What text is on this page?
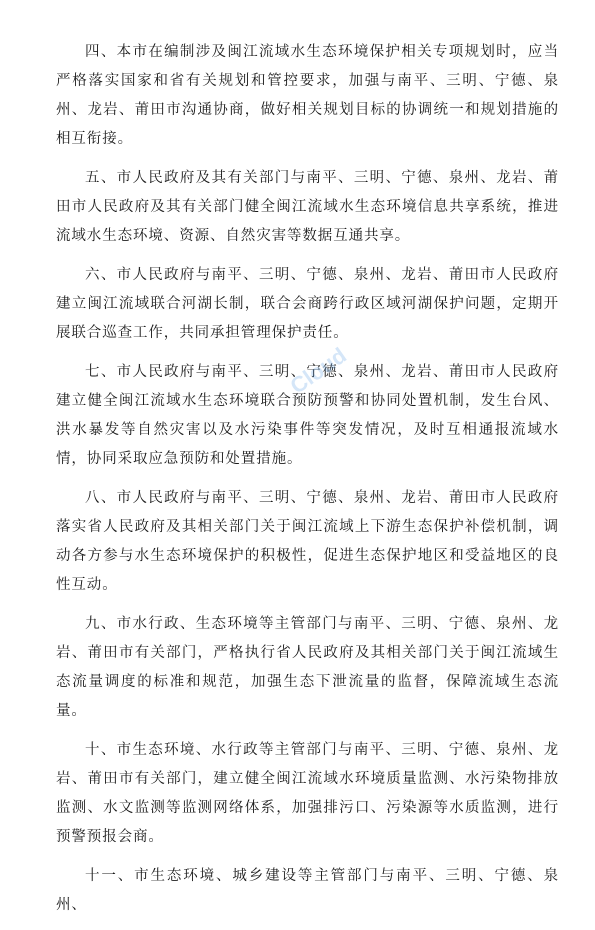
四、本市在编制涉及闽江流域水生态环境保护相关专项规划时，应当严格落实国家和省有关规划和管控要求，加强与南平、三明、宁德、泉州、龙岩、莆田市沟通协商，做好相关规划目标的协调统一和规划措施的相互衔接。

五、市人民政府及其有关部门与南平、三明、宁德、泉州、龙岩、莆田市人民政府及其有关部门健全闽江流域水生态环境信息共享系统，推进流域水生态环境、资源、自然灾害等数据互通共享。

六、市人民政府与南平、三明、宁德、泉州、龙岩、莆田市人民政府建立闽江流域联合河湖长制，联合会商跨行政区域河湖保护问题，定期开展联合巡查工作，共同承担管理保护责任。

七、市人民政府与南平、三明、宁德、泉州、龙岩、莆田市人民政府建立健全闽江流域水生态环境联合预防预警和协同处置机制，发生台风、洪水暴发等自然灾害以及水污染事件等突发情况，及时互相通报流域水情，协同采取应急预防和处置措施。

八、市人民政府与南平、三明、宁德、泉州、龙岩、莆田市人民政府落实省人民政府及其相关部门关于闽江流域上下游生态保护补偿机制，调动各方参与水生态环境保护的积极性，促进生态保护地区和受益地区的良性互动。

九、市水行政、生态环境等主管部门与南平、三明、宁德、泉州、龙岩、莆田市有关部门，严格执行省人民政府及其相关部门关于闽江流域生态流量调度的标准和规范，加强生态下泄流量的监督，保障流域生态流量。

十、市生态环境、水行政等主管部门与南平、三明、宁德、泉州、龙岩、莆田市有关部门，建立健全闽江流域水环境质量监测、水污染物排放监测、水文监测等监测网络体系，加强排污口、污染源等水质监测，进行预警预报会商。

十一、市生态环境、城乡建设等主管部门与南平、三明、宁德、泉州、

Cloud
